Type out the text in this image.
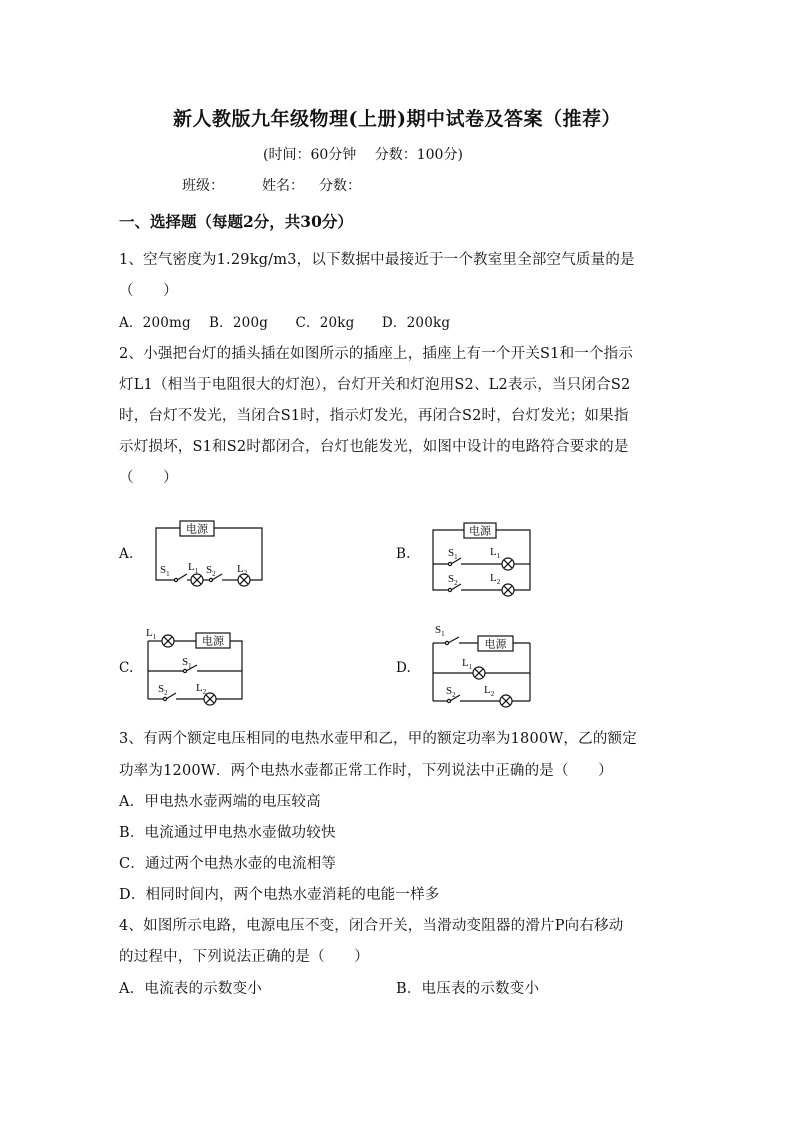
新人教版九年级物理(上册)期中试卷及答案（推荐）
(时间：60分钟　 分数：100分)
班级：	姓名： 分数：
一、选择题（每题2分，共30分）
1、空气密度为1.29kg/m3，以下数据中最接近于一个教室里全部空气质量的是
（　　）
A．200mg　 B．200g　　C．20kg　　D．200kg
2、小强把台灯的插头插在如图所示的插座上，插座上有一个开关S1和一个指示
灯L1（相当于电阻很大的灯泡），台灯开关和灯泡用S2、L2表示，当只闭合S2
时，台灯不发光，当闭合S1时，指示灯发光，再闭合S2时，台灯发光；如果指
示灯损坏，S1和S2时都闭合，台灯也能发光，如图中设计的电路符合要求的是
（　　）
A.	B.
C.	D.
电源
$S_1$
$L_1$ $S_2$ $L_2$
电源
$S_1$	$L_1$
$S_2$	$L_2$
电源
$L_1$
$S_1$
$S_2$	$L_2$
电源
$S_1$
$L_1$
$S_2$	$L_2$
3、有两个额定电压相同的电热水壶甲和乙，甲的额定功率为1800W，乙的额定
功率为1200W．两个电热水壶都正常工作时，下列说法中正确的是（　　）
A．甲电热水壶两端的电压较高
B．电流通过甲电热水壶做功较快
C．通过两个电热水壶的电流相等
D．相同时间内，两个电热水壶消耗的电能一样多
4、如图所示电路，电源电压不变，闭合开关，当滑动变阻器的滑片P向右移动
的过程中，下列说法正确的是（　　）
A．电流表的示数变小	B．电压表的示数变小
